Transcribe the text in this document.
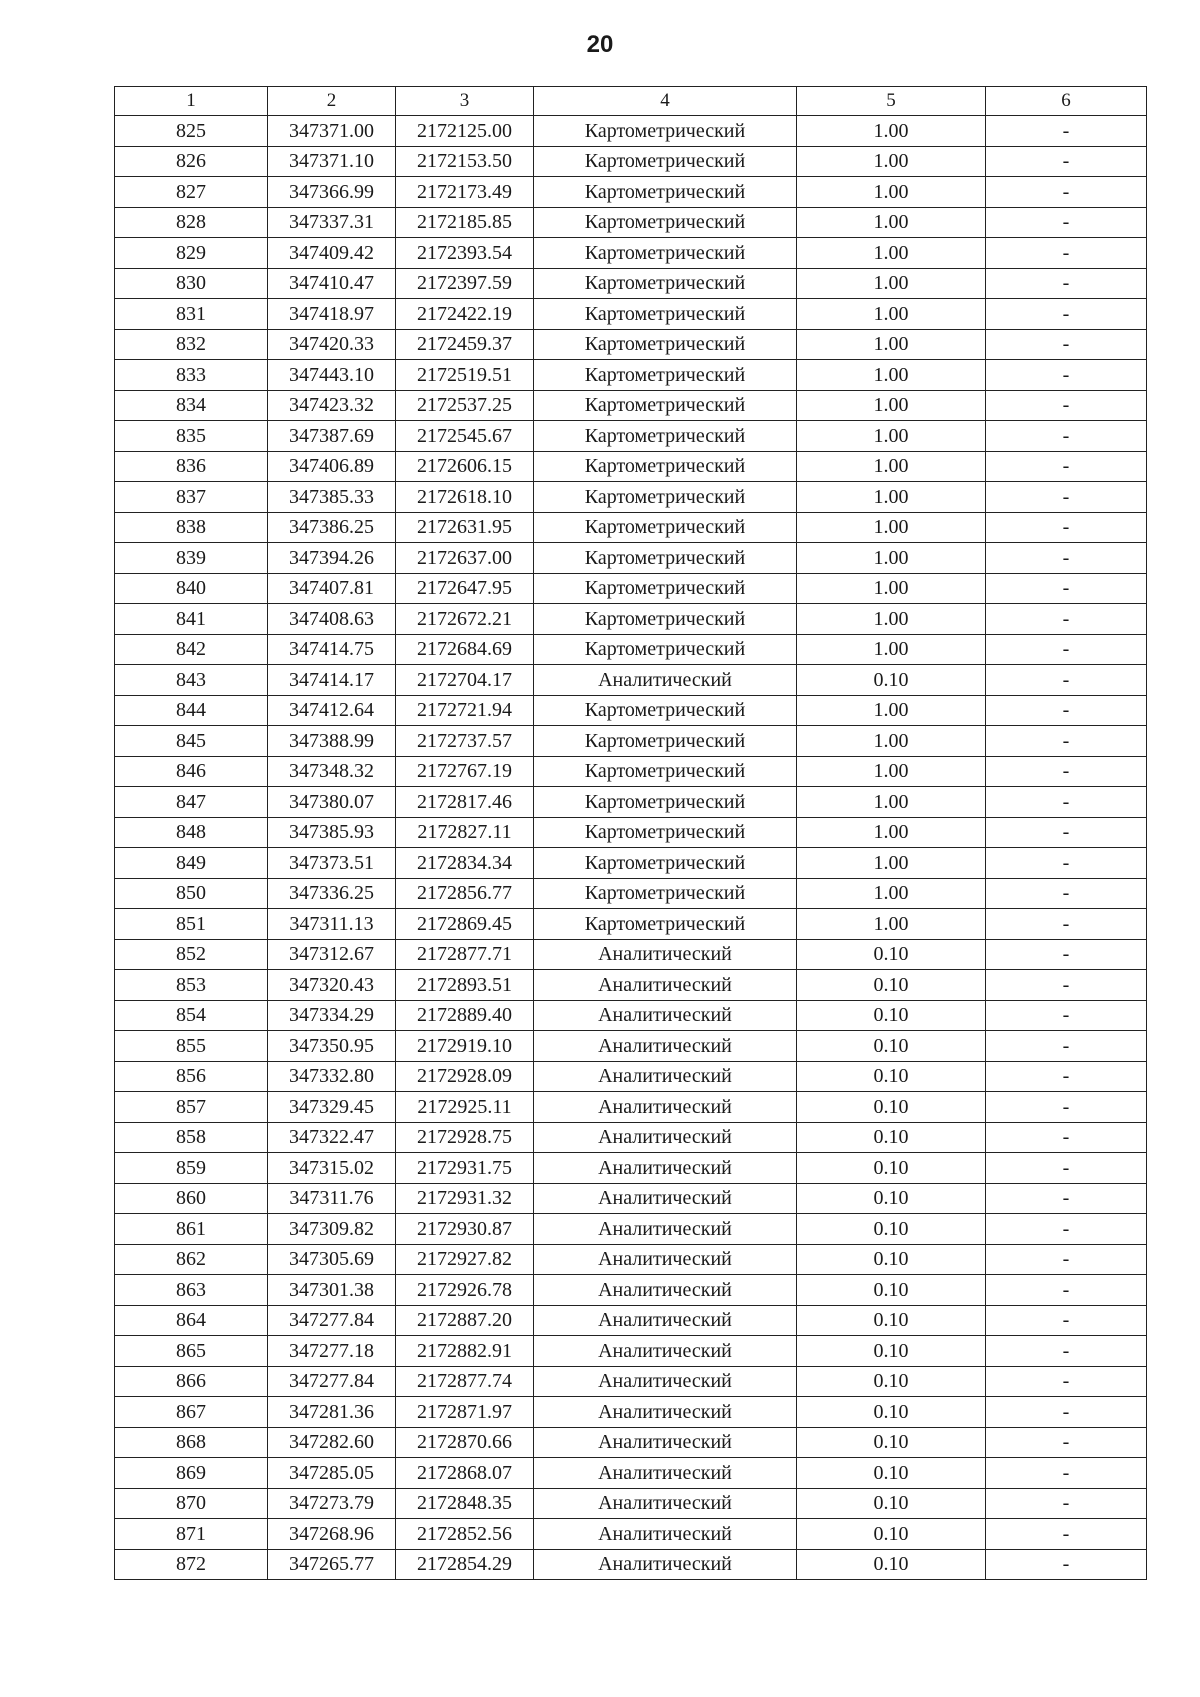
20
1	2	3	4	5	6
825	347371.00	2172125.00	Картометрический	1.00	-
826	347371.10	2172153.50	Картометрический	1.00	-
827	347366.99	2172173.49	Картометрический	1.00	-
828	347337.31	2172185.85	Картометрический	1.00	-
829	347409.42	2172393.54	Картометрический	1.00	-
830	347410.47	2172397.59	Картометрический	1.00	-
831	347418.97	2172422.19	Картометрический	1.00	-
832	347420.33	2172459.37	Картометрический	1.00	-
833	347443.10	2172519.51	Картометрический	1.00	-
834	347423.32	2172537.25	Картометрический	1.00	-
835	347387.69	2172545.67	Картометрический	1.00	-
836	347406.89	2172606.15	Картометрический	1.00	-
837	347385.33	2172618.10	Картометрический	1.00	-
838	347386.25	2172631.95	Картометрический	1.00	-
839	347394.26	2172637.00	Картометрический	1.00	-
840	347407.81	2172647.95	Картометрический	1.00	-
841	347408.63	2172672.21	Картометрический	1.00	-
842	347414.75	2172684.69	Картометрический	1.00	-
843	347414.17	2172704.17	Аналитический	0.10	-
844	347412.64	2172721.94	Картометрический	1.00	-
845	347388.99	2172737.57	Картометрический	1.00	-
846	347348.32	2172767.19	Картометрический	1.00	-
847	347380.07	2172817.46	Картометрический	1.00	-
848	347385.93	2172827.11	Картометрический	1.00	-
849	347373.51	2172834.34	Картометрический	1.00	-
850	347336.25	2172856.77	Картометрический	1.00	-
851	347311.13	2172869.45	Картометрический	1.00	-
852	347312.67	2172877.71	Аналитический	0.10	-
853	347320.43	2172893.51	Аналитический	0.10	-
854	347334.29	2172889.40	Аналитический	0.10	-
855	347350.95	2172919.10	Аналитический	0.10	-
856	347332.80	2172928.09	Аналитический	0.10	-
857	347329.45	2172925.11	Аналитический	0.10	-
858	347322.47	2172928.75	Аналитический	0.10	-
859	347315.02	2172931.75	Аналитический	0.10	-
860	347311.76	2172931.32	Аналитический	0.10	-
861	347309.82	2172930.87	Аналитический	0.10	-
862	347305.69	2172927.82	Аналитический	0.10	-
863	347301.38	2172926.78	Аналитический	0.10	-
864	347277.84	2172887.20	Аналитический	0.10	-
865	347277.18	2172882.91	Аналитический	0.10	-
866	347277.84	2172877.74	Аналитический	0.10	-
867	347281.36	2172871.97	Аналитический	0.10	-
868	347282.60	2172870.66	Аналитический	0.10	-
869	347285.05	2172868.07	Аналитический	0.10	-
870	347273.79	2172848.35	Аналитический	0.10	-
871	347268.96	2172852.56	Аналитический	0.10	-
872	347265.77	2172854.29	Аналитический	0.10	-
